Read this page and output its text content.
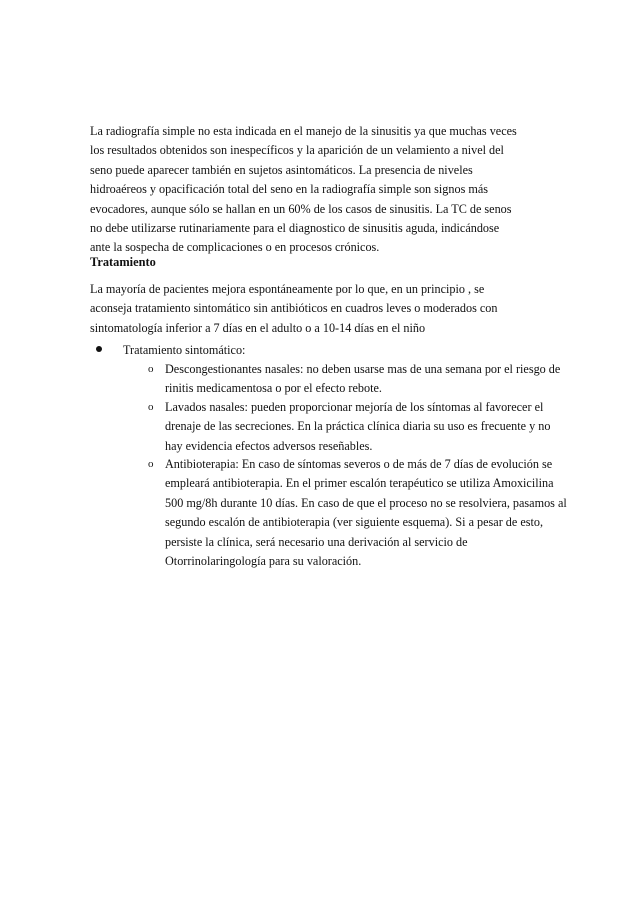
La radiografía simple no esta indicada en el manejo de la sinusitis ya que muchas veces
los resultados obtenidos son inespecíficos y la aparición de un velamiento a nivel del
seno puede aparecer también en sujetos asintomáticos. La presencia de niveles
hidroaéreos y opacificación total del seno en la radiografía simple son signos más
evocadores, aunque sólo se hallan en un 60% de los casos de sinusitis. La TC de senos
no debe utilizarse rutinariamente para el diagnostico de sinusitis aguda, indicándose
ante la sospecha de complicaciones o en procesos crónicos.

Tratamiento

La mayoría de pacientes mejora espontáneamente por lo que, en un principio , se
aconseja tratamiento sintomático sin antibióticos en cuadros leves o moderados con
sintomatología inferior a 7 días en el adulto o a 10-14 días en el niño

Tratamiento sintomático:
o Descongestionantes nasales: no deben usarse mas de una semana por el riesgo de rinitis medicamentosa o por el efecto rebote.
o Lavados nasales: pueden proporcionar mejoría de los síntomas al favorecer el drenaje de las secreciones. En la práctica clínica diaria su uso es frecuente y no hay evidencia efectos adversos reseñables.
o Antibioterapia: En caso de síntomas severos o de más de 7 días de evolución se empleará antibioterapia. En el primer escalón terapéutico se utiliza Amoxicilina 500 mg/8h durante 10 días. En caso de que el proceso no se resolviera, pasamos al segundo escalón de antibioterapia (ver siguiente esquema). Si a pesar de esto, persiste la clínica, será necesario una derivación al servicio de Otorrinolaringología para su valoración.
